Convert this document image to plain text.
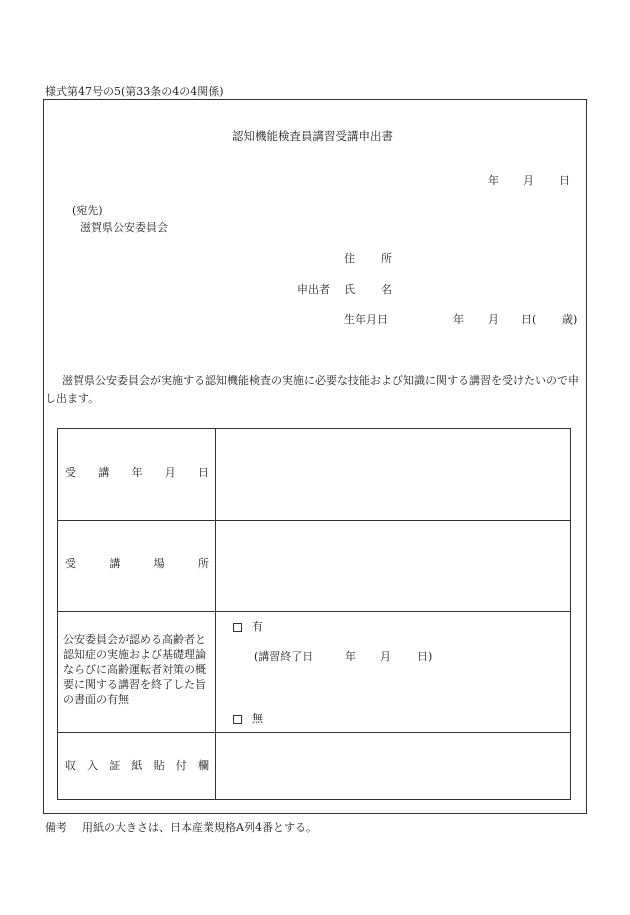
様式第47号の5(第33条の4の4関係)
認知機能検査員講習受講申出書
年 月 日
(宛先)
滋賀県公安委員会
住 所
申出者 氏 名
生年月日	年 月 日( 歳)
滋賀県公安委員会が実施する認知機能検査の実施に必要な技能および知識に関する講習を受けたいので申し出ます。
受 講 年 月 日
受	講	場	所
公安委員会が認める高齢者と認知症の実施および基礎理論ならびに高齢運転者対策の概要に関する講習を終了した旨の書面の有無
有
(講習終了日	年 月 日)
無
収 入 証 紙 貼 付 欄
備考 用紙の大きさは、日本産業規格A列4番とする。
